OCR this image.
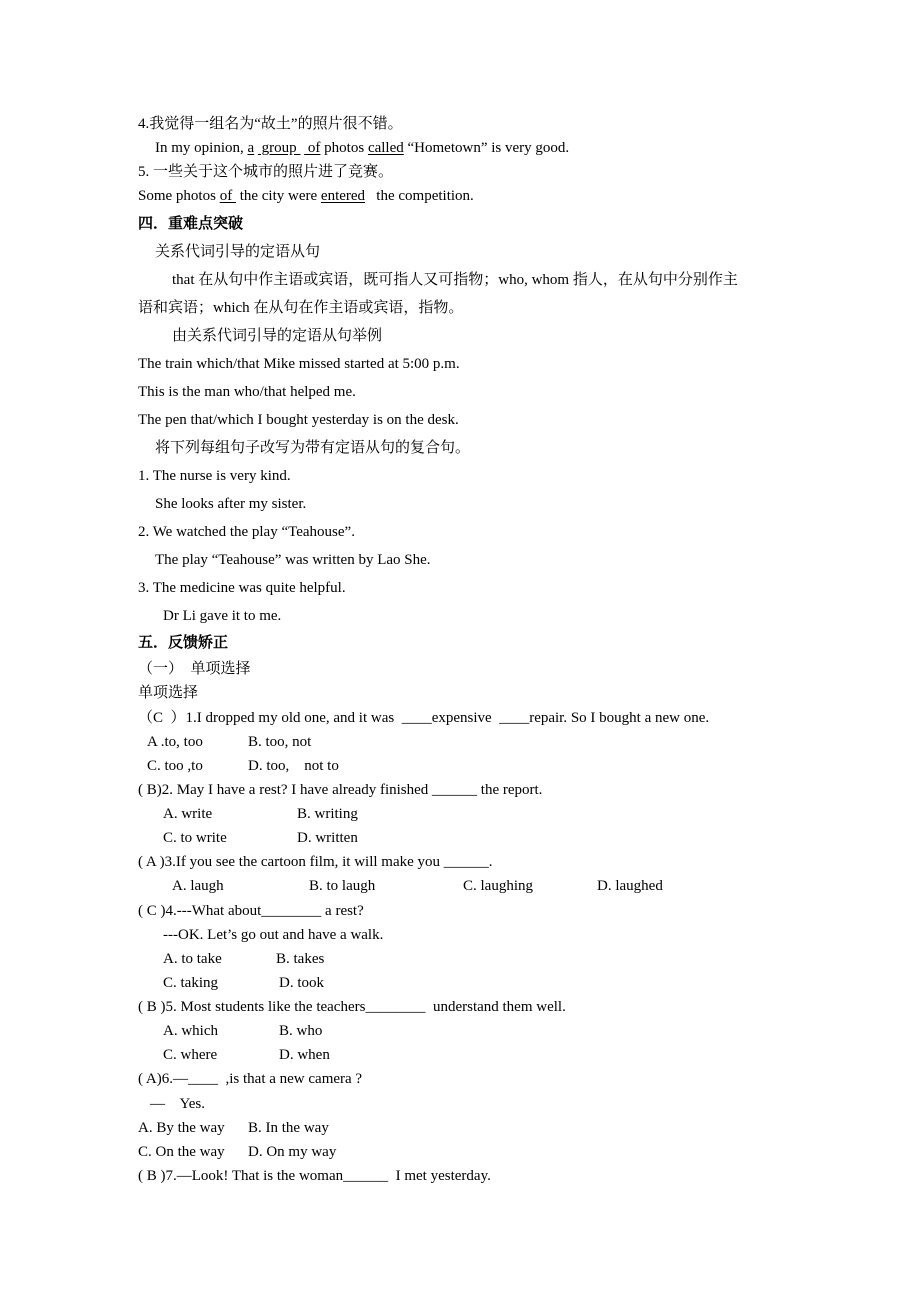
4.我觉得一组名为“故土”的照片很不错。
In my opinion, a  group   of photos called “Hometown” is very good.
5. 一些关于这个城市的照片进了竞赛。
Some photos of  the city were entered   the competition.
四．重难点突破
关系代词引导的定语从句
that 在从句中作主语或宾语，既可指人又可指物；who, whom 指人，在从句中分别作主
语和宾语；which 在从句在作主语或宾语，指物。
由关系代词引导的定语从句举例
The train which/that Mike missed started at 5:00 p.m.
This is the man who/that helped me.
The pen that/which I bought yesterday is on the desk.
将下列每组句子改写为带有定语从句的复合句。
1. The nurse is very kind.
She looks after my sister.
2. We watched the play “Teahouse”.
The play “Teahouse” was written by Lao She.
3. The medicine was quite helpful.
Dr Li gave it to me.
五．反馈矫正
（一）  单项选择
单项选择
（C  ）1.I dropped my old one, and it was  ____expensive  ____repair. So I bought a new one.
A .to, too	B. too, not
C. too ,to	D. too,    not to
( B)2. May I have a rest? I have already finished ______ the report.
A. write	B. writing
C. to write	D. written
( A )3.If you see the cartoon film, it will make you ______.
A. laugh	B. to laugh	C. laughing	D. laughed
( C )4.---What about________ a rest?
---OK. Let’s go out and have a walk.
A. to take	B. takes
C. taking	D. took
( B )5. Most students like the teachers________  understand them well.
A. which	B. who
C. where	D. when
( A)6.—____  ,is that a new camera ?
—    Yes.
A. By the way B. In the way
C. On the way D. On my way
( B )7.—Look! That is the woman______  I met yesterday.
